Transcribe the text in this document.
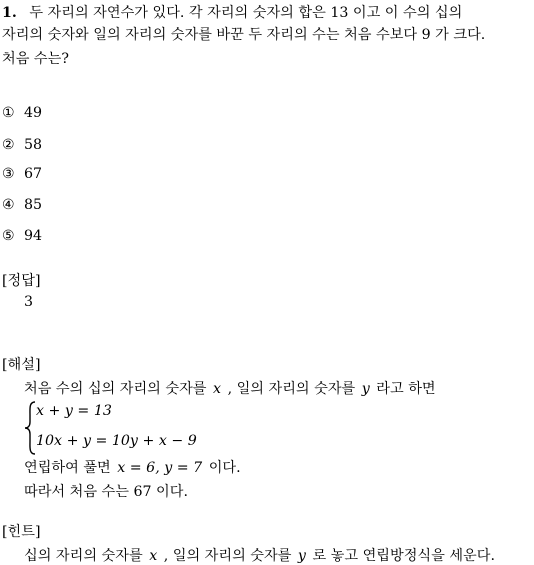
1. 두 자리의 자연수가 있다. 각 자리의 숫자의 합은 13 이고 이 수의 십의
자리의 숫자와 일의 자리의 숫자를 바꾼 두 자리의 수는 처음 수보다 9 가 크다.
처음 수는?
① 49
② 58
③ 67
④ 85
⑤ 94
[정답]
3
[해설]
처음 수의 십의 자리의 숫자를 x , 일의 자리의 숫자를 y 라고 하면
x + y = 13
10x + y = 10y + x − 9
연립하여 풀면 x = 6, y = 7 이다.
따라서 처음 수는 67 이다.
[힌트]
십의 자리의 숫자를 x , 일의 자리의 숫자를 y 로 놓고 연립방정식을 세운다.
